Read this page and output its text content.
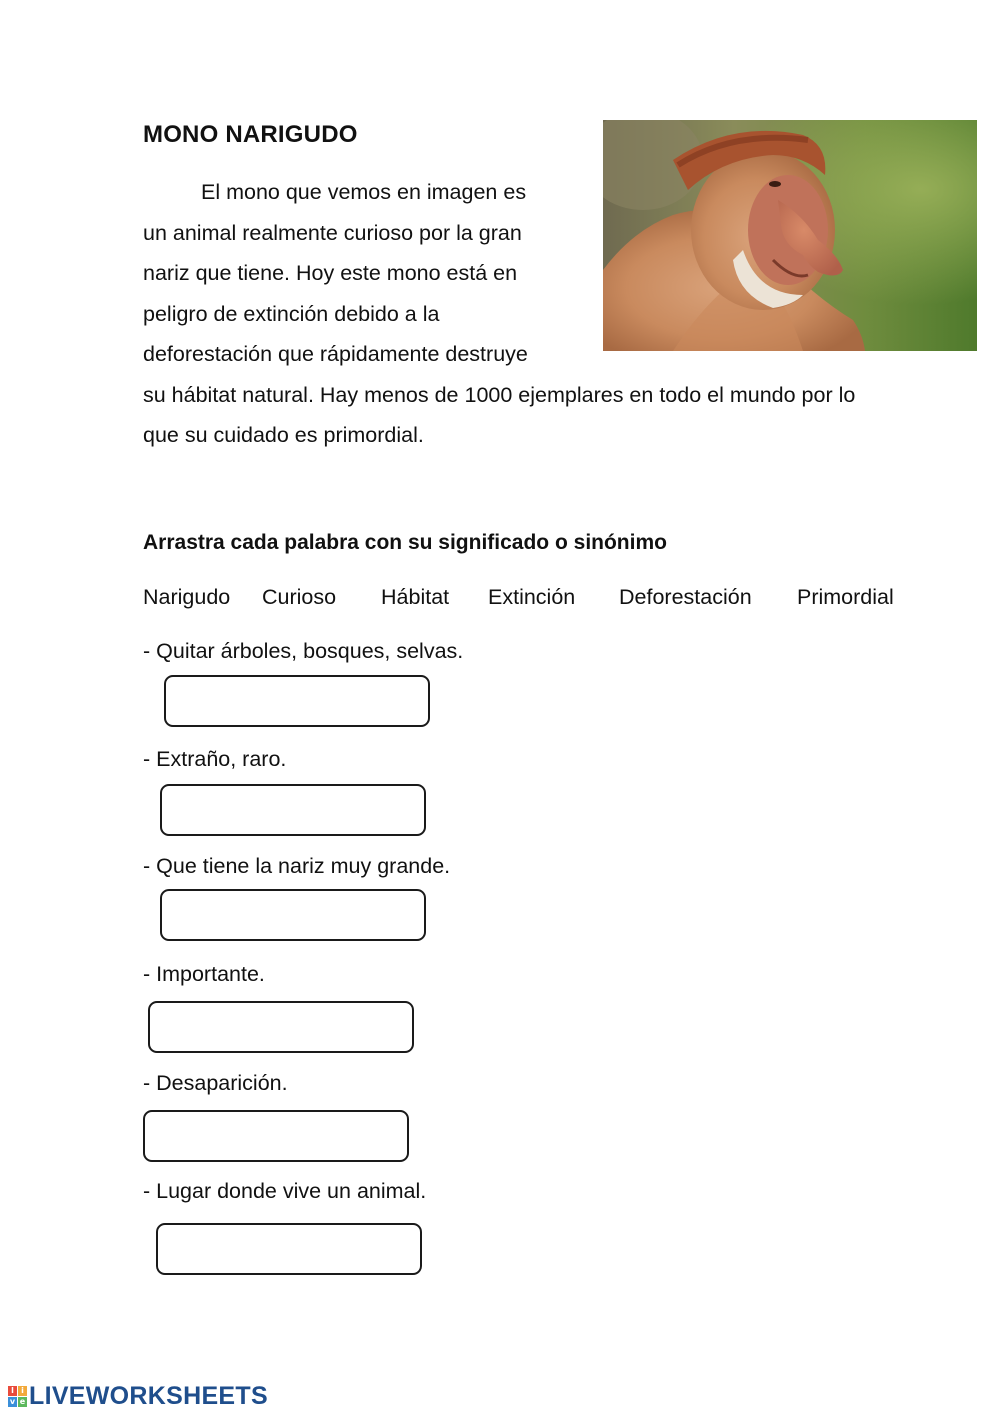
MONO NARIGUDO
El mono que vemos en imagen es
un animal realmente curioso por la gran
nariz que tiene. Hoy este mono está en
peligro de extinción debido a la
deforestación que rápidamente destruye
su hábitat natural. Hay menos de 1000 ejemplares en todo el mundo por lo
que su cuidado es primordial.
Arrastra cada palabra con su significado o sinónimo
Narigudo Curioso Hábitat Extinción Deforestación Primordial
- Quitar árboles, bosques, selvas.
- Extraño, raro.
- Que tiene la nariz muy grande.
- Importante.
- Desaparición.
- Lugar donde vive un animal.
l i
v e LIVEWORKSHEETS
